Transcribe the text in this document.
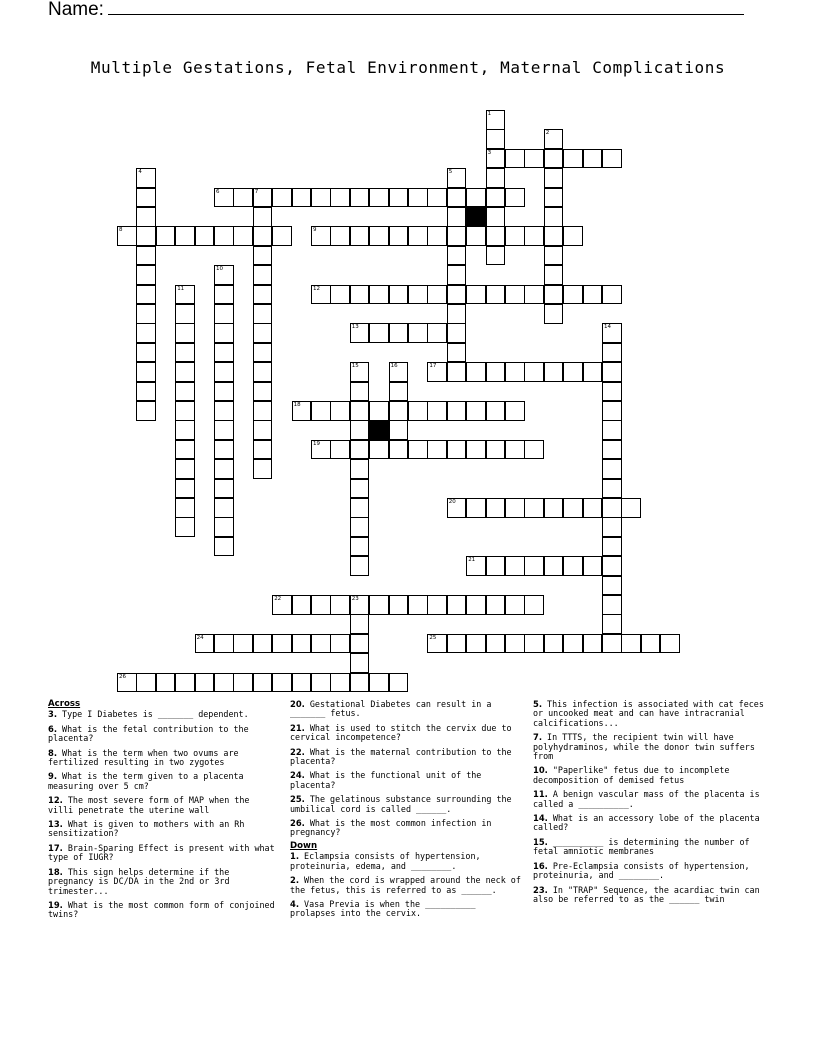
Name:
Multiple Gestations, Fetal Environment, Maternal Complications
1
3
2
4	5
6	7
8	9
10
11	12
13	14
15	16	17
18
19
20
21
22	23
24	25
26
Across
3. Type I Diabetes is _______ dependent.
6. What is the fetal contribution to the placenta?
8. What is the term when two ovums are fertilized resulting in two zygotes
9. What is the term given to a placenta measuring over 5 cm?
12. The most severe form of MAP when the villi penetrate the uterine wall
13. What is given to mothers with an Rh sensitization?
17. Brain-Sparing Effect is present with what type of IUGR?
18. This sign helps determine if the pregnancy is DC/DA in the 2nd or 3rd trimester...
19. What is the most common form of conjoined twins?
20. Gestational Diabetes can result in a _______ fetus.
21. What is used to stitch the cervix due to cervical incompetence?
22. What is the maternal contribution to the placenta?
24. What is the functional unit of the placenta?
25. The gelatinous substance surrounding the umbilical cord is called ______.
26. What is the most common infection in pregnancy?
Down
1. Eclampsia consists of hypertension, proteinuria, edema, and ________.
2. When the cord is wrapped around the neck of the fetus, this is referred to as ______.
4. Vasa Previa is when the __________ prolapses into the cervix.
5. This infection is associated with cat feces or uncooked meat and can have intracranial calcifications...
7. In TTTS, the recipient twin will have polyhydraminos, while the donor twin suffers from
10. "Paperlike" fetus due to incomplete decomposition of demised fetus
11. A benign vascular mass of the placenta is called a __________.
14. What is an accessory lobe of the placenta called?
15. __________ is determining the number of fetal amniotic membranes
16. Pre-Eclampsia consists of hypertension, proteinuria, and ________.
23. In "TRAP" Sequence, the acardiac twin can also be referred to as the ______ twin
